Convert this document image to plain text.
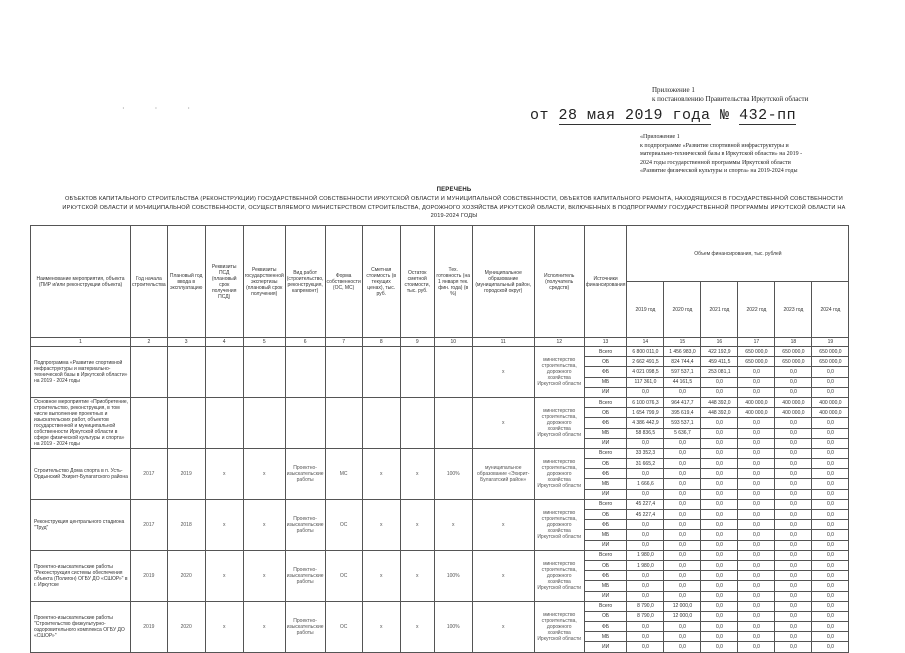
Приложение 1
к постановлению Правительства Иркутской области
от 28 мая 2019 года № 432-пп
· · ·
«Приложение 1
к подпрограмме «Развитие спортивной инфраструктуры и
материально-технической базы в Иркутской области» на 2019 -
2024 годы государственной программы Иркутской области
«Развитие физической культуры и спорта» на 2019-2024 годы
ПЕРЕЧЕНЬ
ОБЪЕКТОВ КАПИТАЛЬНОГО СТРОИТЕЛЬСТВА (РЕКОНСТРУКЦИИ) ГОСУДАРСТВЕННОЙ СОБСТВЕННОСТИ ИРКУТСКОЙ ОБЛАСТИ И МУНИЦИПАЛЬНОЙ СОБСТВЕННОСТИ, ОБЪЕКТОВ КАПИТАЛЬНОГО РЕМОНТА, НАХОДЯЩИХСЯ В ГОСУДАРСТВЕННОЙ СОБСТВЕННОСТИ
ИРКУТСКОЙ ОБЛАСТИ И МУНИЦИПАЛЬНОЙ СОБСТВЕННОСТИ, ОСУЩЕСТВЛЯЕМОГО МИНИСТЕРСТВОМ СТРОИТЕЛЬСТВА, ДОРОЖНОГО ХОЗЯЙСТВА ИРКУТСКОЙ ОБЛАСТИ, ВКЛЮЧЕННЫХ В ПОДПРОГРАММУ ГОСУДАРСТВЕННОЙ ПРОГРАММЫ ИРКУТСКОЙ ОБЛАСТИ НА
2019-2024 ГОДЫ
Наименование мероприятия, объекта (ПИР и/или реконструкции объекта)	Год начала строительства	Плановый год ввода в эксплуатацию	Реквизиты ПСД (плановый срок получения ПСД)	Реквизиты государственной экспертизы (плановый срок получения)	Вид работ (строительство, реконструкция, капремонт)	Форма собственности (ОС, МС)	Сметная стоимость (в текущих ценах), тыс. руб.	Остаток сметной стоимости, тыс. руб.	Тех. готовность (на 1 января тек. фин. года) (в %)	Муниципальное образование (муниципальный район, городской округ)	Исполнитель (получатель средств)	Источники финансирования	Объем финансирования, тыс. рублей					
													2019 год	2020 год	2021 год	2022 год	2023 год	2024 год
1	2	3	4	5	6	7	8	9	10	11	12	13	14	15	16	17	18	19
Подпрограмма «Развитие спортивной инфраструктуры и материально-технической базы в Иркутской области» на 2019 - 2024 годы										x	министерство строительства, дорожного хозяйства Иркутской области	Всего	6 800 011,0	1 456 983,0	422 192,9	650 000,0	650 000,0	650 000,0
												ОБ	2 662 491,5	824 744,4	459 411,5	650 000,0	650 000,0	650 000,0
												ФБ	4 021 098,5	597 537,1	253 081,1	0,0	0,0	0,0
												МБ	117 361,0	44 161,5	0,0	0,0	0,0	0,0
												ИИ	0,0	0,0	0,0	0,0	0,0	0,0
Основное мероприятие «Приобретение, строительство, реконструкция, в том числе выполнение проектных и изыскательских работ, объектов государственной и муниципальной собственности Иркутской области в сфере физической культуры и спорта» на 2019 - 2024 годы										x	министерство строительства, дорожного хозяйства Иркутской области	Всего	6 100 076,3	964 417,7	448 392,0	400 000,0	400 000,0	400 000,0
												ОБ	1 654 799,9	395 619,4	448 392,0	400 000,0	400 000,0	400 000,0
												ФБ	4 386 442,9	593 537,1	0,0	0,0	0,0	0,0
												МБ	58 836,5	5 636,7	0,0	0,0	0,0	0,0
												ИИ	0,0	0,0	0,0	0,0	0,0	0,0
Строительство Дома спорта в п. Усть-Ордынский Эхирит-Булагатского района	2017	2019	x	x	Проектно-изыскательские работы	МС	x	x	100%	муниципальное образование «Эхирит-Булагатский район»	министерство строительства, дорожного хозяйства Иркутской области	Всего	33 352,3	0,0	0,0	0,0	0,0	0,0
												ОБ	31 665,2	0,0	0,0	0,0	0,0	0,0
												ФБ	0,0	0,0	0,0	0,0	0,0	0,0
												МБ	1 666,6	0,0	0,0	0,0	0,0	0,0
												ИИ	0,0	0,0	0,0	0,0	0,0	0,0
Реконструкция центрального стадиона "Труд"	2017	2018	x	x	Проектно-изыскательские работы	ОС	x	x	x	x	министерство строительства, дорожного хозяйства Иркутской области	Всего	45 227,4	0,0	0,0	0,0	0,0	0,0
												ОБ	45 227,4	0,0	0,0	0,0	0,0	0,0
												ФБ	0,0	0,0	0,0	0,0	0,0	0,0
												МБ	0,0	0,0	0,0	0,0	0,0	0,0
												ИИ	0,0	0,0	0,0	0,0	0,0	0,0
Проектно-изыскательские работы "Реконструкция системы обеспечения объекта (Полигон) ОГБУ ДО «СШОР»" в г. Иркутске	2019	2020	x	x	Проектно-изыскательские работы	ОС	x	x	100%	x	министерство строительства, дорожного хозяйства Иркутской области	Всего	1 980,0	0,0	0,0	0,0	0,0	0,0
												ОБ	1 980,0	0,0	0,0	0,0	0,0	0,0
												ФБ	0,0	0,0	0,0	0,0	0,0	0,0
												МБ	0,0	0,0	0,0	0,0	0,0	0,0
												ИИ	0,0	0,0	0,0	0,0	0,0	0,0
Проектно-изыскательские работы "Строительство физкультурно-оздоровительного комплекса ОГБУ ДО «СШОР»"	2019	2020	x	x	Проектно-изыскательские работы	ОС	x	x	100%	x	министерство строительства, дорожного хозяйства Иркутской области	Всего	8 790,0	12 000,0	0,0	0,0	0,0	0,0
												ОБ	8 790,0	12 000,0	0,0	0,0	0,0	0,0
												ФБ	0,0	0,0	0,0	0,0	0,0	0,0
												МБ	0,0	0,0	0,0	0,0	0,0	0,0
												ИИ	0,0	0,0	0,0	0,0	0,0	0,0
